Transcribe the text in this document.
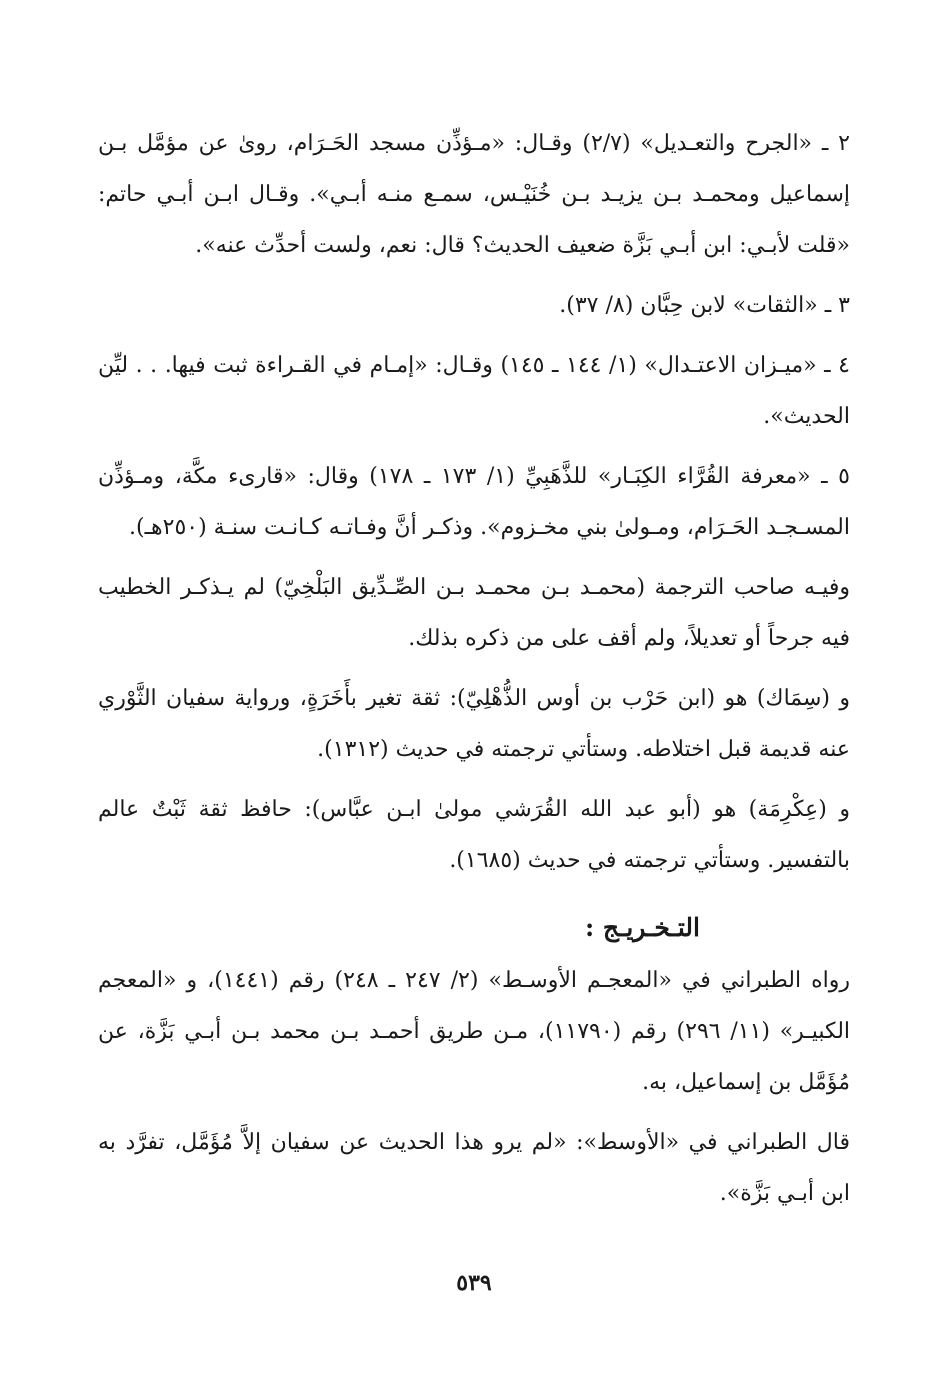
٢ ـ «الجرح والتعـديل» (٢/٧) وقـال: «مـؤذِّن مسجد الحَـرَام، روىٰ عن مؤمَّل بـن إسماعيل ومحمـد بـن يزيـد بـن خُنَيْـس، سمـع منـه أبـي». وقـال ابـن أبـي حاتم: «قلت لأبـي: ابن أبـي بَزَّة ضعيف الحديث؟ قال: نعم، ولست أحدِّث عنه».

٣ ـ «الثقات» لابن حِبَّان (٨/ ٣٧).

٤ ـ «ميـزان الاعتـدال» (١/ ١٤٤ ـ ١٤٥) وقـال: «إمـام في القـراءة ثبت فيها. . . ليِّن الحديث».

٥ ـ «معرفة القُرَّاء الكِبَـار» للذَّهَبِيِّ (١/ ١٧٣ ـ ١٧٨) وقال: «قارىء مكَّة، ومـؤذِّن المسـجـد الحَـرَام، ومـولىٰ بني مخـزوم». وذكـر أنَّ وفـاتـه كـانـت سنـة (٢٥٠هـ).

وفيـه صاحب الترجمة (محمـد بـن محمـد بـن الصِّـدِّيق البَلْخِيّ) لم يـذكـر الخطيب فيه جرحاً أو تعديلاً، ولم أقف على من ذكره بذلك.

و (سِمَاك) هو (ابن حَرْب بن أوس الذُّهْلِيّ): ثقة تغير بأَخَرَةٍ، ورواية سفيان الثَّوْري عنه قديمة قبل اختلاطه. وستأتي ترجمته في حديث (١٣١٢).

و (عِكْرِمَة) هو (أبو عبد الله القُرَشي مولىٰ ابـن عبَّاس): حافظ ثقة ثَبْتٌ عالم بالتفسير. وستأتي ترجمته في حديث (١٦٨٥).

التـخـريـج :

رواه الطبراني في «المعجـم الأوسـط» (٢/ ٢٤٧ ـ ٢٤٨) رقم (١٤٤١)، و «المعجم الكبيـر» (١١/ ٢٩٦) رقم (١١٧٩٠)، مـن طريق أحمـد بـن محمد بـن أبـي بَزَّة، عن مُؤَمَّل بن إسماعيل، به.

قال الطبراني في «الأوسط»: «لم يرو هذا الحديث عن سفيان إلاَّ مُؤَمَّل، تفرَّد به ابن أبـي بَزَّة».

٥٣٩
